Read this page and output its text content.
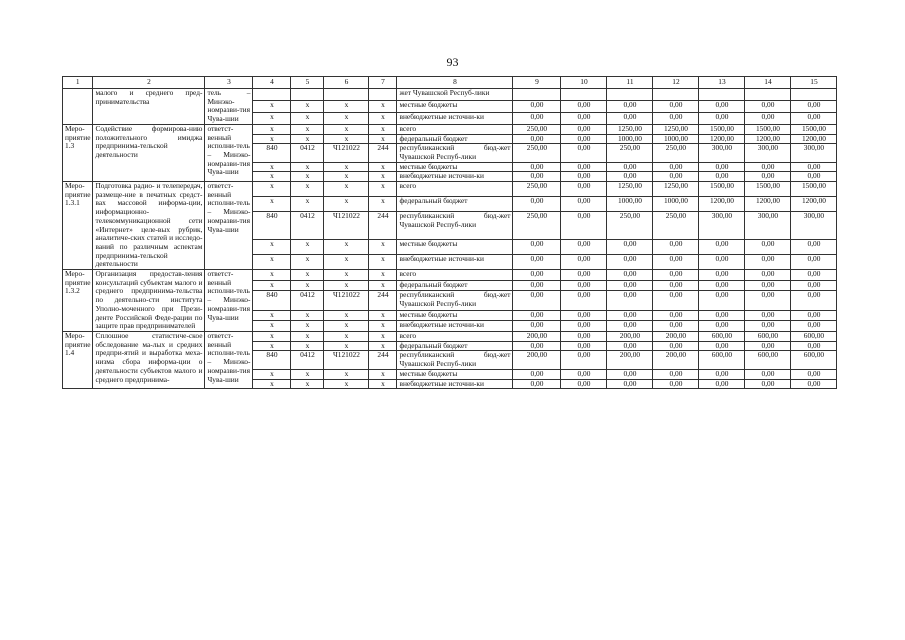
93
1	2	3	4	5	6	7	8	9	10	11	12	13	14	15
	малого и среднего пред-принимательства	тель – Минэко-номразви-тия Чува-шии					жет Чувашской Респуб-лики							
			х	х	х	х	местные бюджеты	0,00	0,00	0,00	0,00	0,00	0,00	0,00
			х	х	х	х	внебюджетные источни-ки	0,00	0,00	0,00	0,00	0,00	0,00	0,00
Меро-приятие 1.3	Содействие формирова-нию положительного имиджа предпринима-тельской деятельности	ответст-венный исполни-тель – Минэко-номразви-тия Чува-шии	х	х	х	х	всего	250,00	0,00	1250,00	1250,00	1500,00	1500,00	1500,00
			х	х	х	х	федеральный бюджет	0,00	0,00	1000,00	1000,00	1200,00	1200,00	1200,00
			840	0412	Ч121022	244	республиканский бюд-жет Чувашской Респуб-лики	250,00	0,00	250,00	250,00	300,00	300,00	300,00
			х	х	х	х	местные бюджеты	0,00	0,00	0,00	0,00	0,00	0,00	0,00
			х	х	х	х	внебюджетные источни-ки	0,00	0,00	0,00	0,00	0,00	0,00	0,00
Меро-приятие 1.3.1	Подготовка радио- и телепередач, размеще-ние в печатных средст-вах массовой информа-ции, информационно-телекоммуникационной сети «Интернет» целе-вых рубрик, аналитиче-ских статей и исследо-ваний по различным аспектам предпринима-тельской деятельности	ответст-венный исполни-тель – Минэко-номразви-тия Чува-шии	х	х	х	х	всего	250,00	0,00	1250,00	1250,00	1500,00	1500,00	1500,00
			х	х	х	х	федеральный бюджет	0,00	0,00	1000,00	1000,00	1200,00	1200,00	1200,00
			840	0412	Ч121022	244	республиканский бюд-жет Чувашской Респуб-лики	250,00	0,00	250,00	250,00	300,00	300,00	300,00
			х	х	х	х	местные бюджеты	0,00	0,00	0,00	0,00	0,00	0,00	0,00
			х	х	х	х	внебюджетные источни-ки	0,00	0,00	0,00	0,00	0,00	0,00	0,00
Меро-приятие 1.3.2	Организация предостав-ления консультаций субъектам малого и среднего предпринима-тельства по деятельно-сти института Уполно-моченного при Прези-денте Российской Феде-рации по защите прав предпринимателей	ответст-венный исполни-тель – Минэко-номразви-тия Чува-шии	х	х	х	х	всего	0,00	0,00	0,00	0,00	0,00	0,00	0,00
			х	х	х	х	федеральный бюджет	0,00	0,00	0,00	0,00	0,00	0,00	0,00
			840	0412	Ч121022	244	республиканский бюд-жет Чувашской Респуб-лики	0,00	0,00	0,00	0,00	0,00	0,00	0,00
			х	х	х	х	местные бюджеты	0,00	0,00	0,00	0,00	0,00	0,00	0,00
			х	х	х	х	внебюджетные источни-ки	0,00	0,00	0,00	0,00	0,00	0,00	0,00
Меро-приятие 1.4	Сплошное статистиче-ское обследование ма-лых и средних предпри-ятий и выработка меха-низма сбора информа-ции о деятельности субъектов малого и среднего предпринима-	ответст-венный исполни-тель – Минэко-номразви-тия Чува-шии	х	х	х	х	всего	200,00	0,00	200,00	200,00	600,00	600,00	600,00
			х	х	х	х	федеральный бюджет	0,00	0,00	0,00	0,00	0,00	0,00	0,00
			840	0412	Ч121022	244	республиканский бюд-жет Чувашской Респуб-лики	200,00	0,00	200,00	200,00	600,00	600,00	600,00
			х	х	х	х	местные бюджеты	0,00	0,00	0,00	0,00	0,00	0,00	0,00
			х	х	х	х	внебюджетные источни-ки	0,00	0,00	0,00	0,00	0,00	0,00	0,00
